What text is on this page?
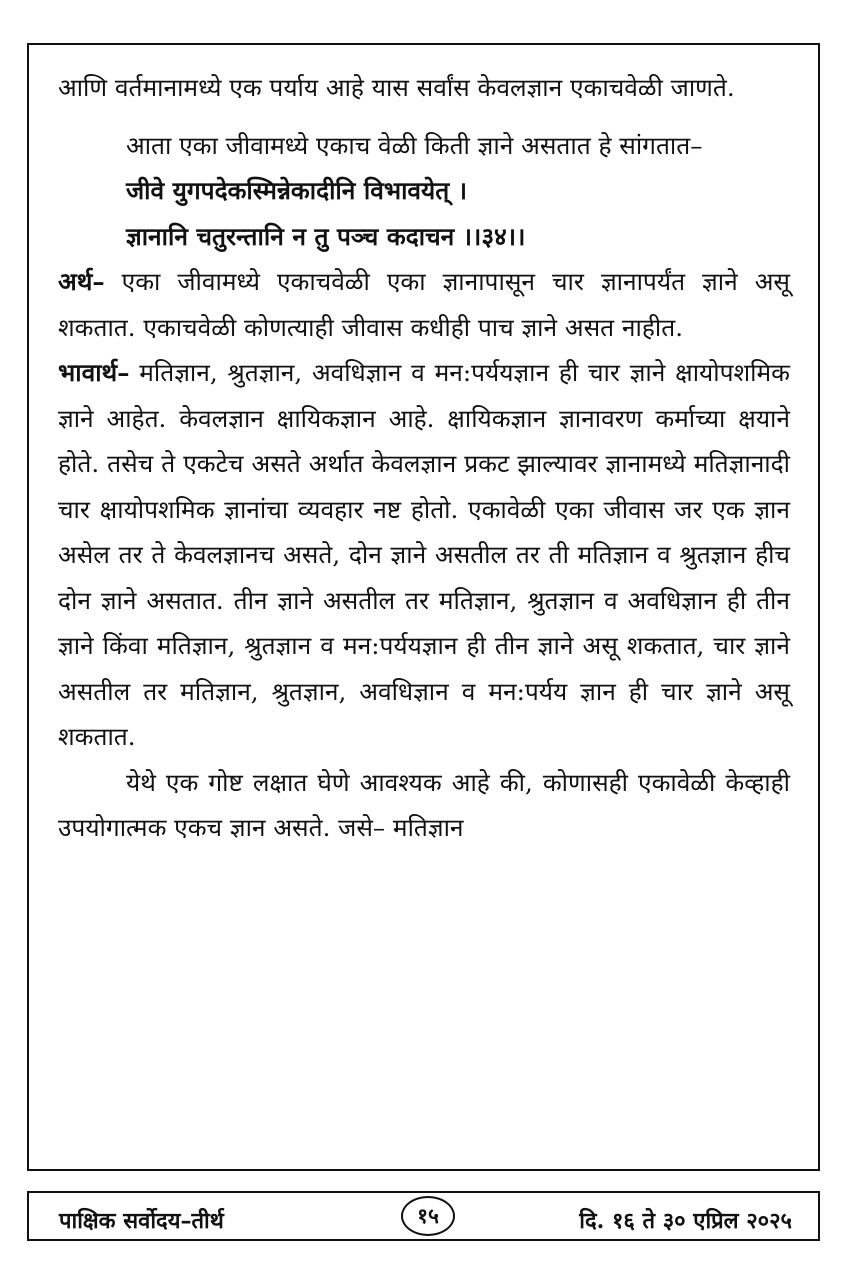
आणि वर्तमानामध्ये एक पर्याय आहे यास सर्वांस केवलज्ञान एकाचवेळी जाणते.

आता एका जीवामध्ये एकाच वेळी किती ज्ञाने असतात हे सांगतात–

जीवे युगपदेकस्मिन्नेकादीनि विभावयेत् ।

ज्ञानानि चतुरन्तानि न तु पञ्च कदाचन ।।३४।।

अर्थ– एका जीवामध्ये एकाचवेळी एका ज्ञानापासून चार ज्ञानापर्यंत ज्ञाने असू शकतात. एकाचवेळी कोणत्याही जीवास कधीही पाच ज्ञाने असत नाहीत.

भावार्थ– मतिज्ञान, श्रुतज्ञान, अवधिज्ञान व मन:पर्ययज्ञान ही चार ज्ञाने क्षायोपशमिक ज्ञाने आहेत. केवलज्ञान क्षायिकज्ञान आहे. क्षायिकज्ञान ज्ञानावरण कर्माच्या क्षयाने होते. तसेच ते एकटेच असते अर्थात केवलज्ञान प्रकट झाल्यावर ज्ञानामध्ये मतिज्ञानादी चार क्षायोपशमिक ज्ञानांचा व्यवहार नष्ट होतो. एकावेळी एका जीवास जर एक ज्ञान असेल तर ते केवलज्ञानच असते, दोन ज्ञाने असतील तर ती मतिज्ञान व श्रुतज्ञान हीच दोन ज्ञाने असतात. तीन ज्ञाने असतील तर मतिज्ञान, श्रुतज्ञान व अवधिज्ञान ही तीन ज्ञाने किंवा मतिज्ञान, श्रुतज्ञान व मन:पर्ययज्ञान ही तीन ज्ञाने असू शकतात, चार ज्ञाने असतील तर मतिज्ञान, श्रुतज्ञान, अवधिज्ञान व मन:पर्यय ज्ञान ही चार ज्ञाने असू शकतात.

येथे एक गोष्ट लक्षात घेणे आवश्यक आहे की, कोणासही एकावेळी केव्हाही उपयोगात्मक एकच ज्ञान असते. जसे– मतिज्ञान

पाक्षिक सर्वोदय–तीर्थ	१५	दि. १६ ते ३० एप्रिल २०२५
